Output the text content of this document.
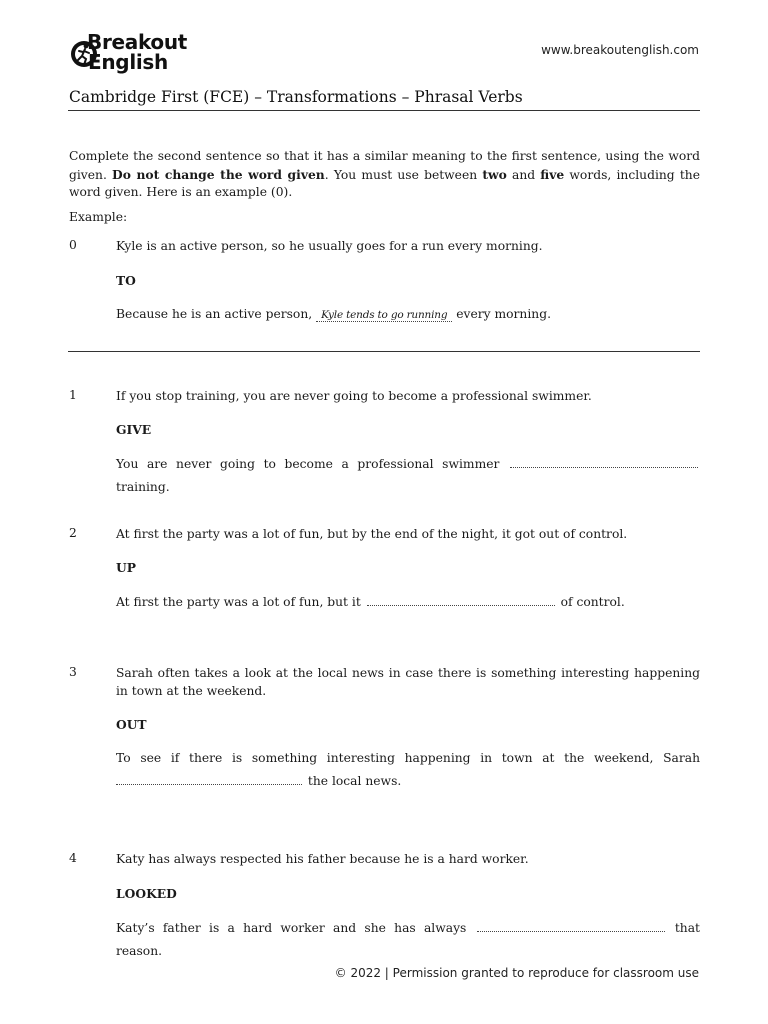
Breakout
English	www.breakoutenglish.com
Cambridge First (FCE) – Transformations – Phrasal Verbs

Complete the second sentence so that it has a similar meaning to the first sentence, using the word given. Do not change the word given. You must use between two and five words, including the word given. Here is an example (0).

Example:
0	Kyle is an active person, so he usually goes for a run every morning.

TO
Because he is an active person, Kyle tends to go running every morning.
1	If you stop training, you are never going to become a professional swimmer.

GIVE
You are never going to become a professional swimmer  training.
2	At first the party was a lot of fun, but by the end of the night, it got out of control.

UP
At first the party was a lot of fun, but it	of control.
3	Sarah often takes a look at the local news in case there is something interesting happening in town at the weekend.

OUT
To see if there is something interesting happening in town at the weekend, Sarah  the local news.
4	Katy has always respected his father because he is a hard worker.

LOOKED
Katy’s father is a hard worker and she has always	that reason.
© 2022 | Permission granted to reproduce for classroom use
